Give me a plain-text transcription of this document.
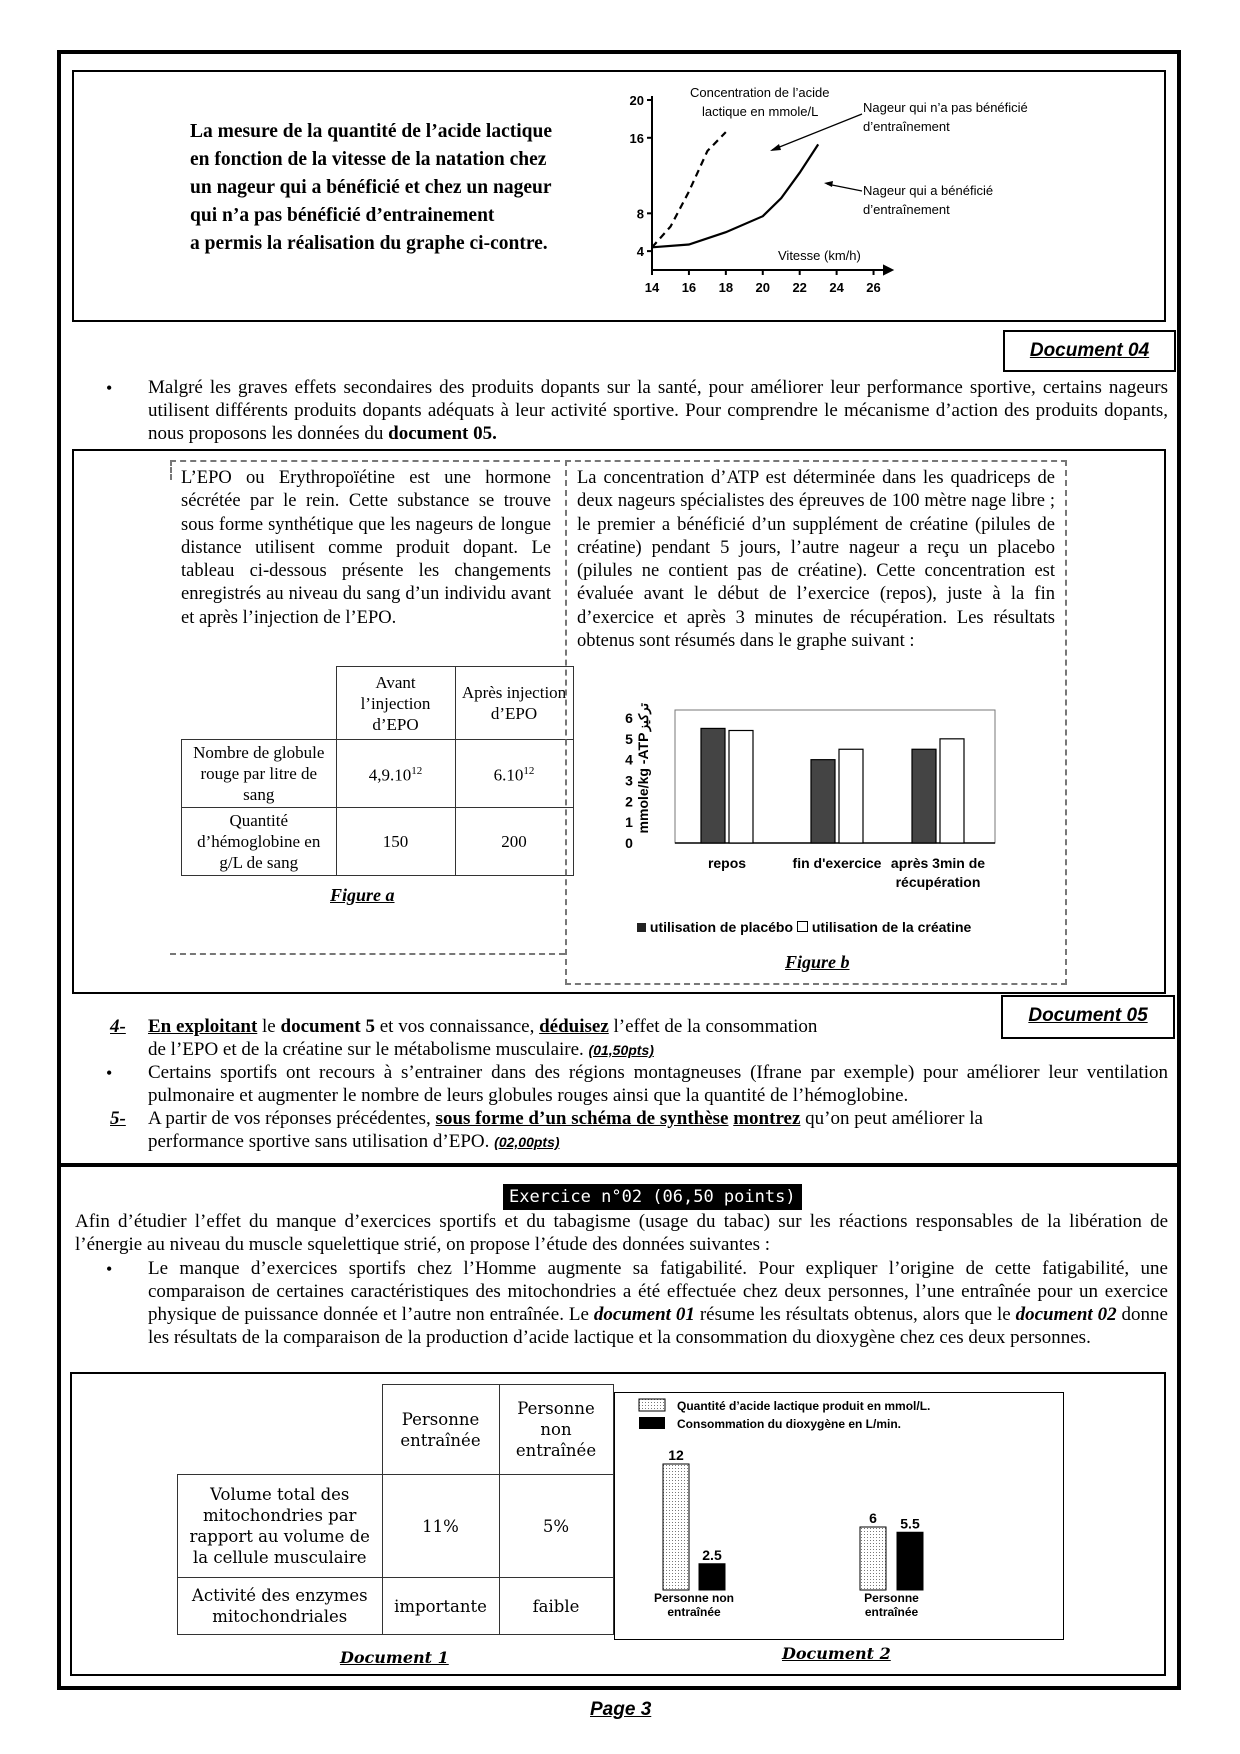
La mesure de la quantité de l’acide lactique
en fonction de la vitesse de la natation chez
un nageur qui a bénéficié et chez un nageur
qui n’a pas bénéficié d’entrainement
a permis la réalisation du graphe ci-contre.
14 16 18 20 22 24 26
4
8
16
20
Concentration de l’acide
lactique en mmole/L
Vitesse (km/h)
Nageur qui n’a pas bénéficié
d’entraînement
Nageur qui a bénéficié
d’entraînement
Document 04
• Malgré les graves effets secondaires des produits dopants sur la santé, pour améliorer leur performance sportive, certains nageurs utilisent différents produits dopants adéquats à leur activité sportive. Pour comprendre le mécanisme d’action des produits dopants, nous proposons les données du document 05.
L’EPO ou Erythropoïétine est une hormone sécrétée par le rein. Cette substance se trouve sous forme synthétique que les nageurs de longue distance utilisent comme produit dopant. Le tableau ci-dessous présente les changements enregistrés au niveau du sang d’un individu avant et après l’injection de l’EPO.
	Avant l’injection d’EPO	Après injection d’EPO
Nombre de globule rouge par litre de sang	4,9.10$^{12}$	6.10$^{12}$
Quantité d’hémoglobine en g/L de sang	150	200
Figure a
La concentration d’ATP est déterminée dans les quadriceps de deux nageurs spécialistes des épreuves de 100 mètre nage libre ; le premier a bénéficié d’un supplément de créatine (pilules de créatine) pendant 5 jours, l’autre nageur a reçu un placebo (pilules ne contient pas de créatine). Cette concentration est évaluée avant le début de l’exercice (repos), juste à la fin d’exercice et après 3 minutes de récupération. Les résultats obtenus sont résumés dans le graphe suivant :
0
1
2
3
4
5
6
mmole/kg -ATP
تركيز
repos	fin d'exercice après 3min de
récupération
utilisation de placébo utilisation de la créatine
Figure b
Document 05
4- En exploitant le document 5 et vos connaissance, déduisez l’effet de la consommation
de l’EPO et de la créatine sur le métabolisme musculaire. (01,50pts)
• Certains sportifs ont recours à s’entrainer dans des régions montagneuses (Ifrane par exemple) pour améliorer leur ventilation pulmonaire et augmenter le nombre de leurs globules rouges ainsi que la quantité de l’hémoglobine.
5- A partir de vos réponses précédentes, sous forme d’un schéma de synthèse montrez qu’on peut améliorer la
performance sportive sans utilisation d’EPO. (02,00pts)
Exercice n°02 (06,50 points)
Afin d’étudier l’effet du manque d’exercices sportifs et du tabagisme (usage du tabac) sur les réactions responsables de la libération de l’énergie au niveau du muscle squelettique strié, on propose l’étude des données suivantes :
• Le manque d’exercices sportifs chez l’Homme augmente sa fatigabilité. Pour expliquer l’origine de cette fatigabilité, une comparaison de certaines caractéristiques des mitochondries a été effectuée chez deux personnes, l’une entraînée pour un exercice physique de puissance donnée et l’autre non entraînée. Le document 01 résume les résultats obtenus, alors que le document 02 donne les résultats de la comparaison de la production d’acide lactique et la consommation du dioxygène chez ces deux personnes.
	Personne entraînée	Personne non entraînée
Volume total des mitochondries par rapport au volume de la cellule musculaire	11%	5%
Activité des enzymes mitochondriales	importante	faible
Document 1
Quantité d’acide lactique produit en mmol/L.
Consommation du dioxygène en L/min.
12
2.5
Personne non
entraînée
6 5.5
Personne
entraînée
Document 2
Page 3
